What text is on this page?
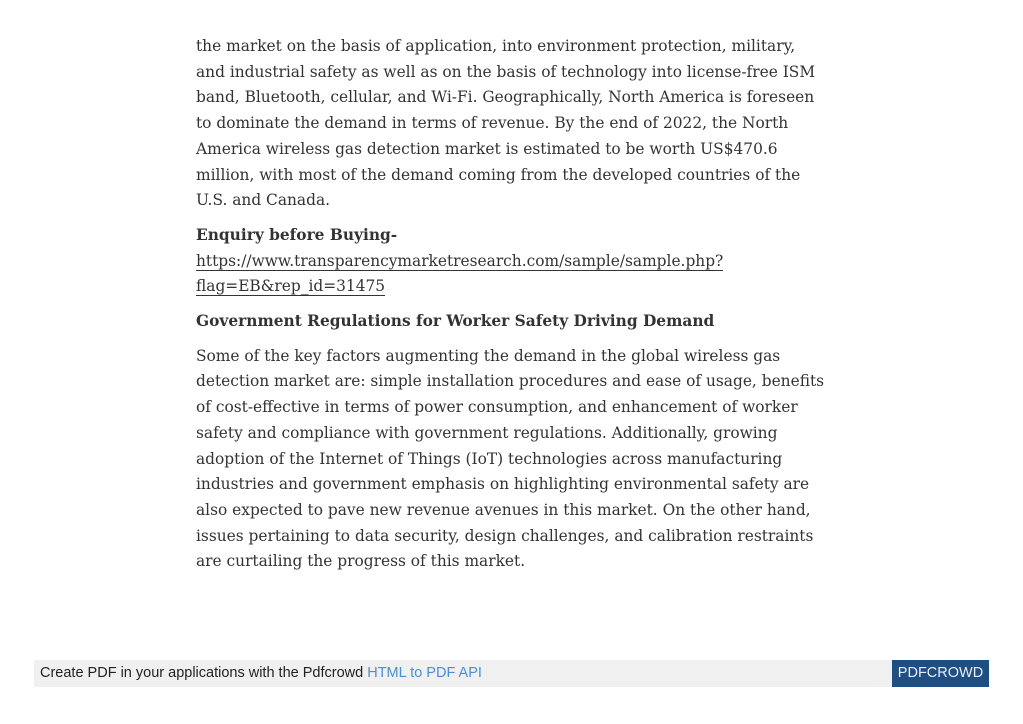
the market on the basis of application, into environment protection, military, and industrial safety as well as on the basis of technology into license-free ISM band, Bluetooth, cellular, and Wi-Fi. Geographically, North America is foreseen to dominate the demand in terms of revenue. By the end of 2022, the North America wireless gas detection market is estimated to be worth US$470.6 million, with most of the demand coming from the developed countries of the U.S. and Canada.

Enquiry before Buying-

https://www.transparencymarketresearch.com/sample/sample.php?
flag=EB&rep_id=31475

Government Regulations for Worker Safety Driving Demand

Some of the key factors augmenting the demand in the global wireless gas detection market are: simple installation procedures and ease of usage, benefits of cost-effective in terms of power consumption, and enhancement of worker safety and compliance with government regulations. Additionally, growing adoption of the Internet of Things (IoT) technologies across manufacturing industries and government emphasis on highlighting environmental safety are also expected to pave new revenue avenues in this market. On the other hand, issues pertaining to data security, design challenges, and calibration restraints are curtailing the progress of this market.

Create PDF in your applications with the Pdfcrowd HTML to PDF API	PDFCROWD
